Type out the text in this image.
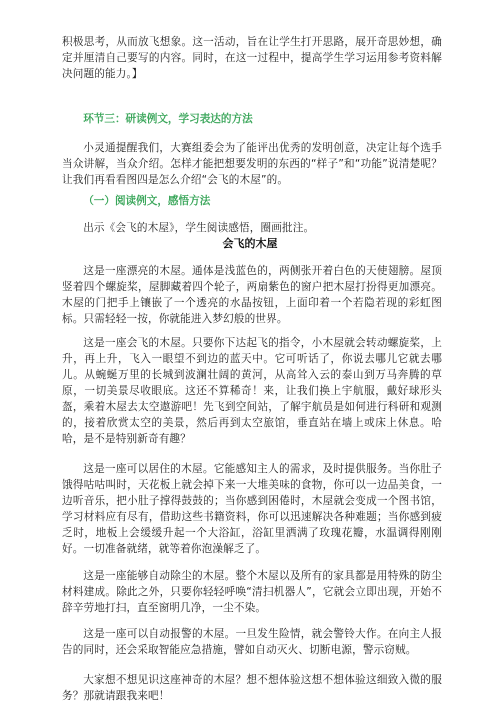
积极思考，从而放飞想象。这一活动，旨在让学生打开思路，展开奇思妙想，确定并厘清自己要写的内容。同时，在这一过程中，提高学生学习运用参考资料解决问题的能力。】

环节三：研读例文，学习表达的方法

小灵通提醒我们，大赛组委会为了能评出优秀的发明创意，决定让每个选手当众讲解，当众介绍。怎样才能把想要发明的东西的“样子”和“功能”说清楚呢？让我们再看看图四是怎么介绍“会飞的木屋”的。

（一）阅读例文，感悟方法

出示《会飞的木屋》，学生阅读感悟，圈画批注。

会飞的木屋

这是一座漂亮的木屋。通体是浅蓝色的，两侧张开着白色的天使翅膀。屋顶竖着四个螺旋桨，屋脚藏着四个轮子，两扇紫色的窗户把木屋打扮得更加漂亮。木屋的门把手上镶嵌了一个透亮的水晶按钮，上面印着一个若隐若现的彩虹图标。只需轻轻一按，你就能进入梦幻般的世界。

这是一座会飞的木屋。只要你下达起飞的指令，小木屋就会转动螺旋桨，上升，再上升，飞入一眼望不到边的蓝天中。它可听话了，你说去哪儿它就去哪儿。从蜿蜒万里的长城到波澜壮阔的黄河，从高耸入云的泰山到万马奔腾的草原，一切美景尽收眼底。这还不算稀奇！来，让我们换上宇航服，戴好球形头盔，乘着木屋去太空遨游吧！先飞到空间站，了解宇航员是如何进行科研和观测的，接着欣赏太空的美景，然后再到太空旅馆，垂直站在墙上或床上休息。哈哈，是不是特别新奇有趣？

这是一座可以居住的木屋。它能感知主人的需求，及时提供服务。当你肚子饿得咕咕叫时，天花板上就会掉下来一大堆美味的食物，你可以一边品美食，一边听音乐，把小肚子撑得鼓鼓的；当你感到困倦时，木屋就会变成一个图书馆，学习材料应有尽有，借助这些书籍资料，你可以迅速解决各种难题；当你感到疲乏时，地板上会缓缓升起一个大浴缸，浴缸里洒满了玫瑰花瓣，水温调得刚刚好。一切准备就绪，就等着你泡澡解乏了。

这是一座能够自动除尘的木屋。整个木屋以及所有的家具都是用特殊的防尘材料建成。除此之外，只要你轻轻呼唤“清扫机器人”，它就会立即出现，开始不辞辛劳地打扫，直至窗明几净，一尘不染。

这是一座可以自动报警的木屋。一旦发生险情，就会警铃大作。在向主人报告的同时，还会采取智能应急措施，譬如自动灭火、切断电源，警示窃贼。

大家想不想见识这座神奇的木屋？想不想体验这想不想体验这细致入微的服务？那就请跟我来吧！
